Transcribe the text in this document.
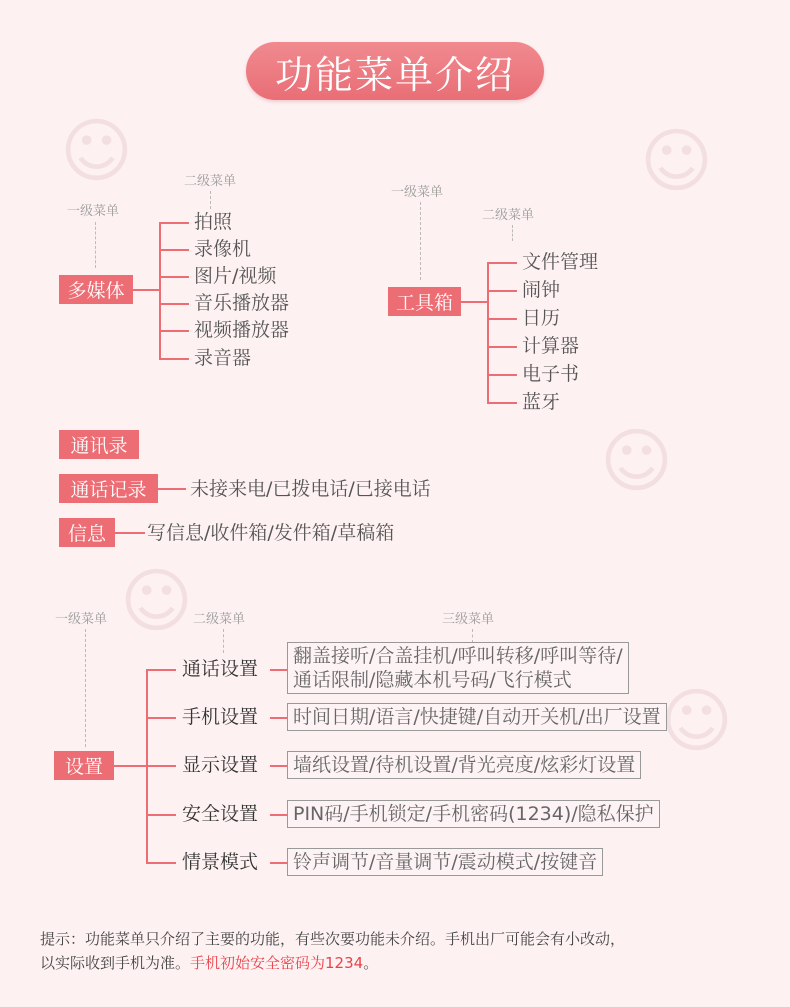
☺	☺
☺
☺
☺
功能菜单介绍
一级菜单
二级菜单
多媒体
拍照
录像机
图片/视频
音乐播放器
视频播放器
录音器
一级菜单
二级菜单
工具箱
文件管理
闹钟
日历
计算器
电子书
蓝牙
通讯录
通话记录	未接来电/已拨电话/已接电话
信息	写信息/收件箱/发件箱/草稿箱
一级菜单	二级菜单	三级菜单
设置
通话设置
翻盖接听/合盖挂机/呼叫转移/呼叫等待/
通话限制/隐藏本机号码/飞行模式
手机设置 时间日期/语言/快捷键/自动开关机/出厂设置
显示设置 墙纸设置/待机设置/背光亮度/炫彩灯设置
安全设置 PIN码/手机锁定/手机密码(1234)/隐私保护
情景模式 铃声调节/音量调节/震动模式/按键音
提示：功能菜单只介绍了主要的功能，有些次要功能未介绍。手机出厂可能会有小改动，
以实际收到手机为准。手机初始安全密码为1234。
